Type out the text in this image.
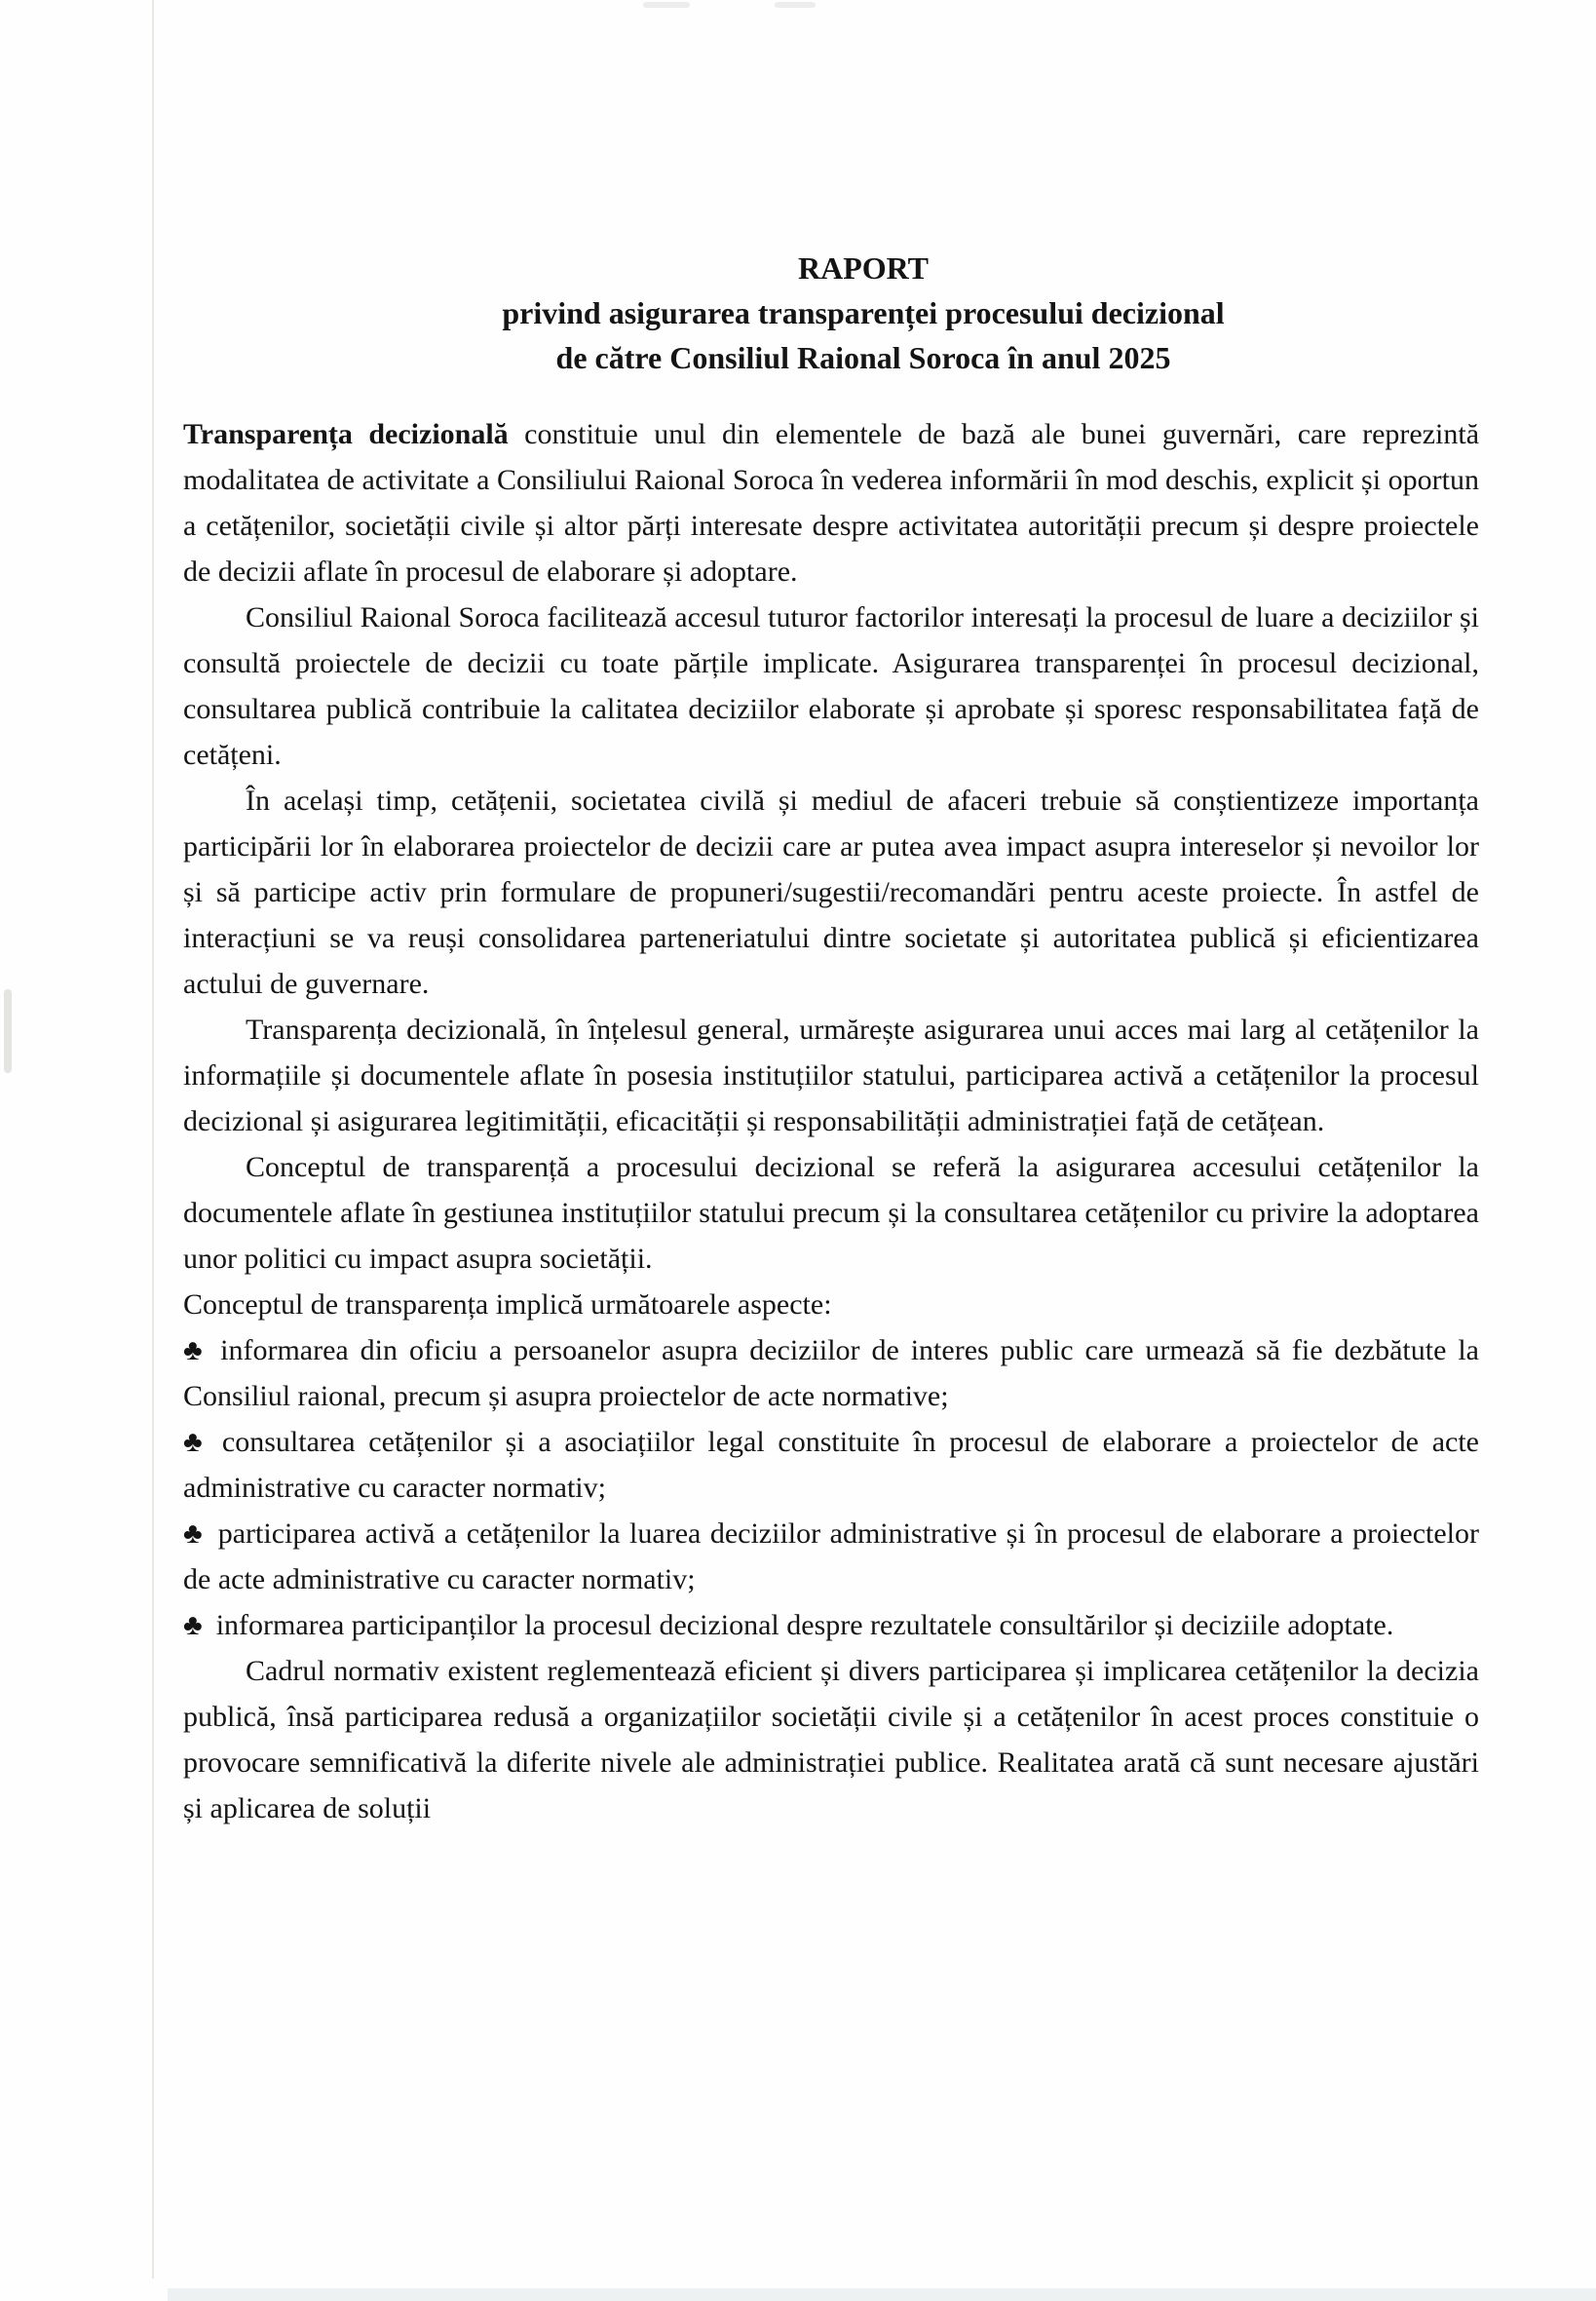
RAPORT
privind asigurarea transparenței procesului decizional
de către Consiliul Raional Soroca în anul 2025

Transparența decizională constituie unul din elementele de bază ale bunei guvernări, care reprezintă modalitatea de activitate a Consiliului Raional Soroca în vederea informării în mod deschis, explicit și oportun a cetățenilor, societății civile și altor părți interesate despre activitatea autorității precum și despre proiectele de decizii aflate în procesul de elaborare și adoptare.

Consiliul Raional Soroca facilitează accesul tuturor factorilor interesați la procesul de luare a deciziilor și consultă proiectele de decizii cu toate părțile implicate. Asigurarea transparenței în procesul decizional, consultarea publică contribuie la calitatea deciziilor elaborate și aprobate și sporesc responsabilitatea față de cetățeni.

În același timp, cetățenii, societatea civilă și mediul de afaceri trebuie să conștientizeze importanța participării lor în elaborarea proiectelor de decizii care ar putea avea impact asupra intereselor și nevoilor lor și să participe activ prin formulare de propuneri/sugestii/recomandări pentru aceste proiecte. În astfel de interacțiuni se va reuși consolidarea parteneriatului dintre societate și autoritatea publică și eficientizarea actului de guvernare.

Transparența decizională, în înțelesul general, urmărește asigurarea unui acces mai larg al cetățenilor la informațiile și documentele aflate în posesia instituțiilor statului, participarea activă a cetățenilor la procesul decizional și asigurarea legitimității, eficacității și responsabilității administrației față de cetățean.

Conceptul de transparență a procesului decizional se referă la asigurarea accesului cetățenilor la documentele aflate în gestiunea instituțiilor statului precum și la consultarea cetățenilor cu privire la adoptarea unor politici cu impact asupra societății.

Conceptul de transparența implică următoarele aspecte:

♣ informarea din oficiu a persoanelor asupra deciziilor de interes public care urmează să fie dezbătute la Consiliul raional, precum și asupra proiectelor de acte normative;

♣ consultarea cetățenilor și a asociațiilor legal constituite în procesul de elaborare a proiectelor de acte administrative cu caracter normativ;

♣ participarea activă a cetățenilor la luarea deciziilor administrative și în procesul de elaborare a proiectelor de acte administrative cu caracter normativ;

♣ informarea participanților la procesul decizional despre rezultatele consultărilor și deciziile adoptate.

Cadrul normativ existent reglementează eficient și divers participarea și implicarea cetățenilor la decizia publică, însă participarea redusă a organizațiilor societății civile și a cetățenilor în acest proces constituie o provocare semnificativă la diferite nivele ale administrației publice. Realitatea arată că sunt necesare ajustări și aplicarea de soluții
